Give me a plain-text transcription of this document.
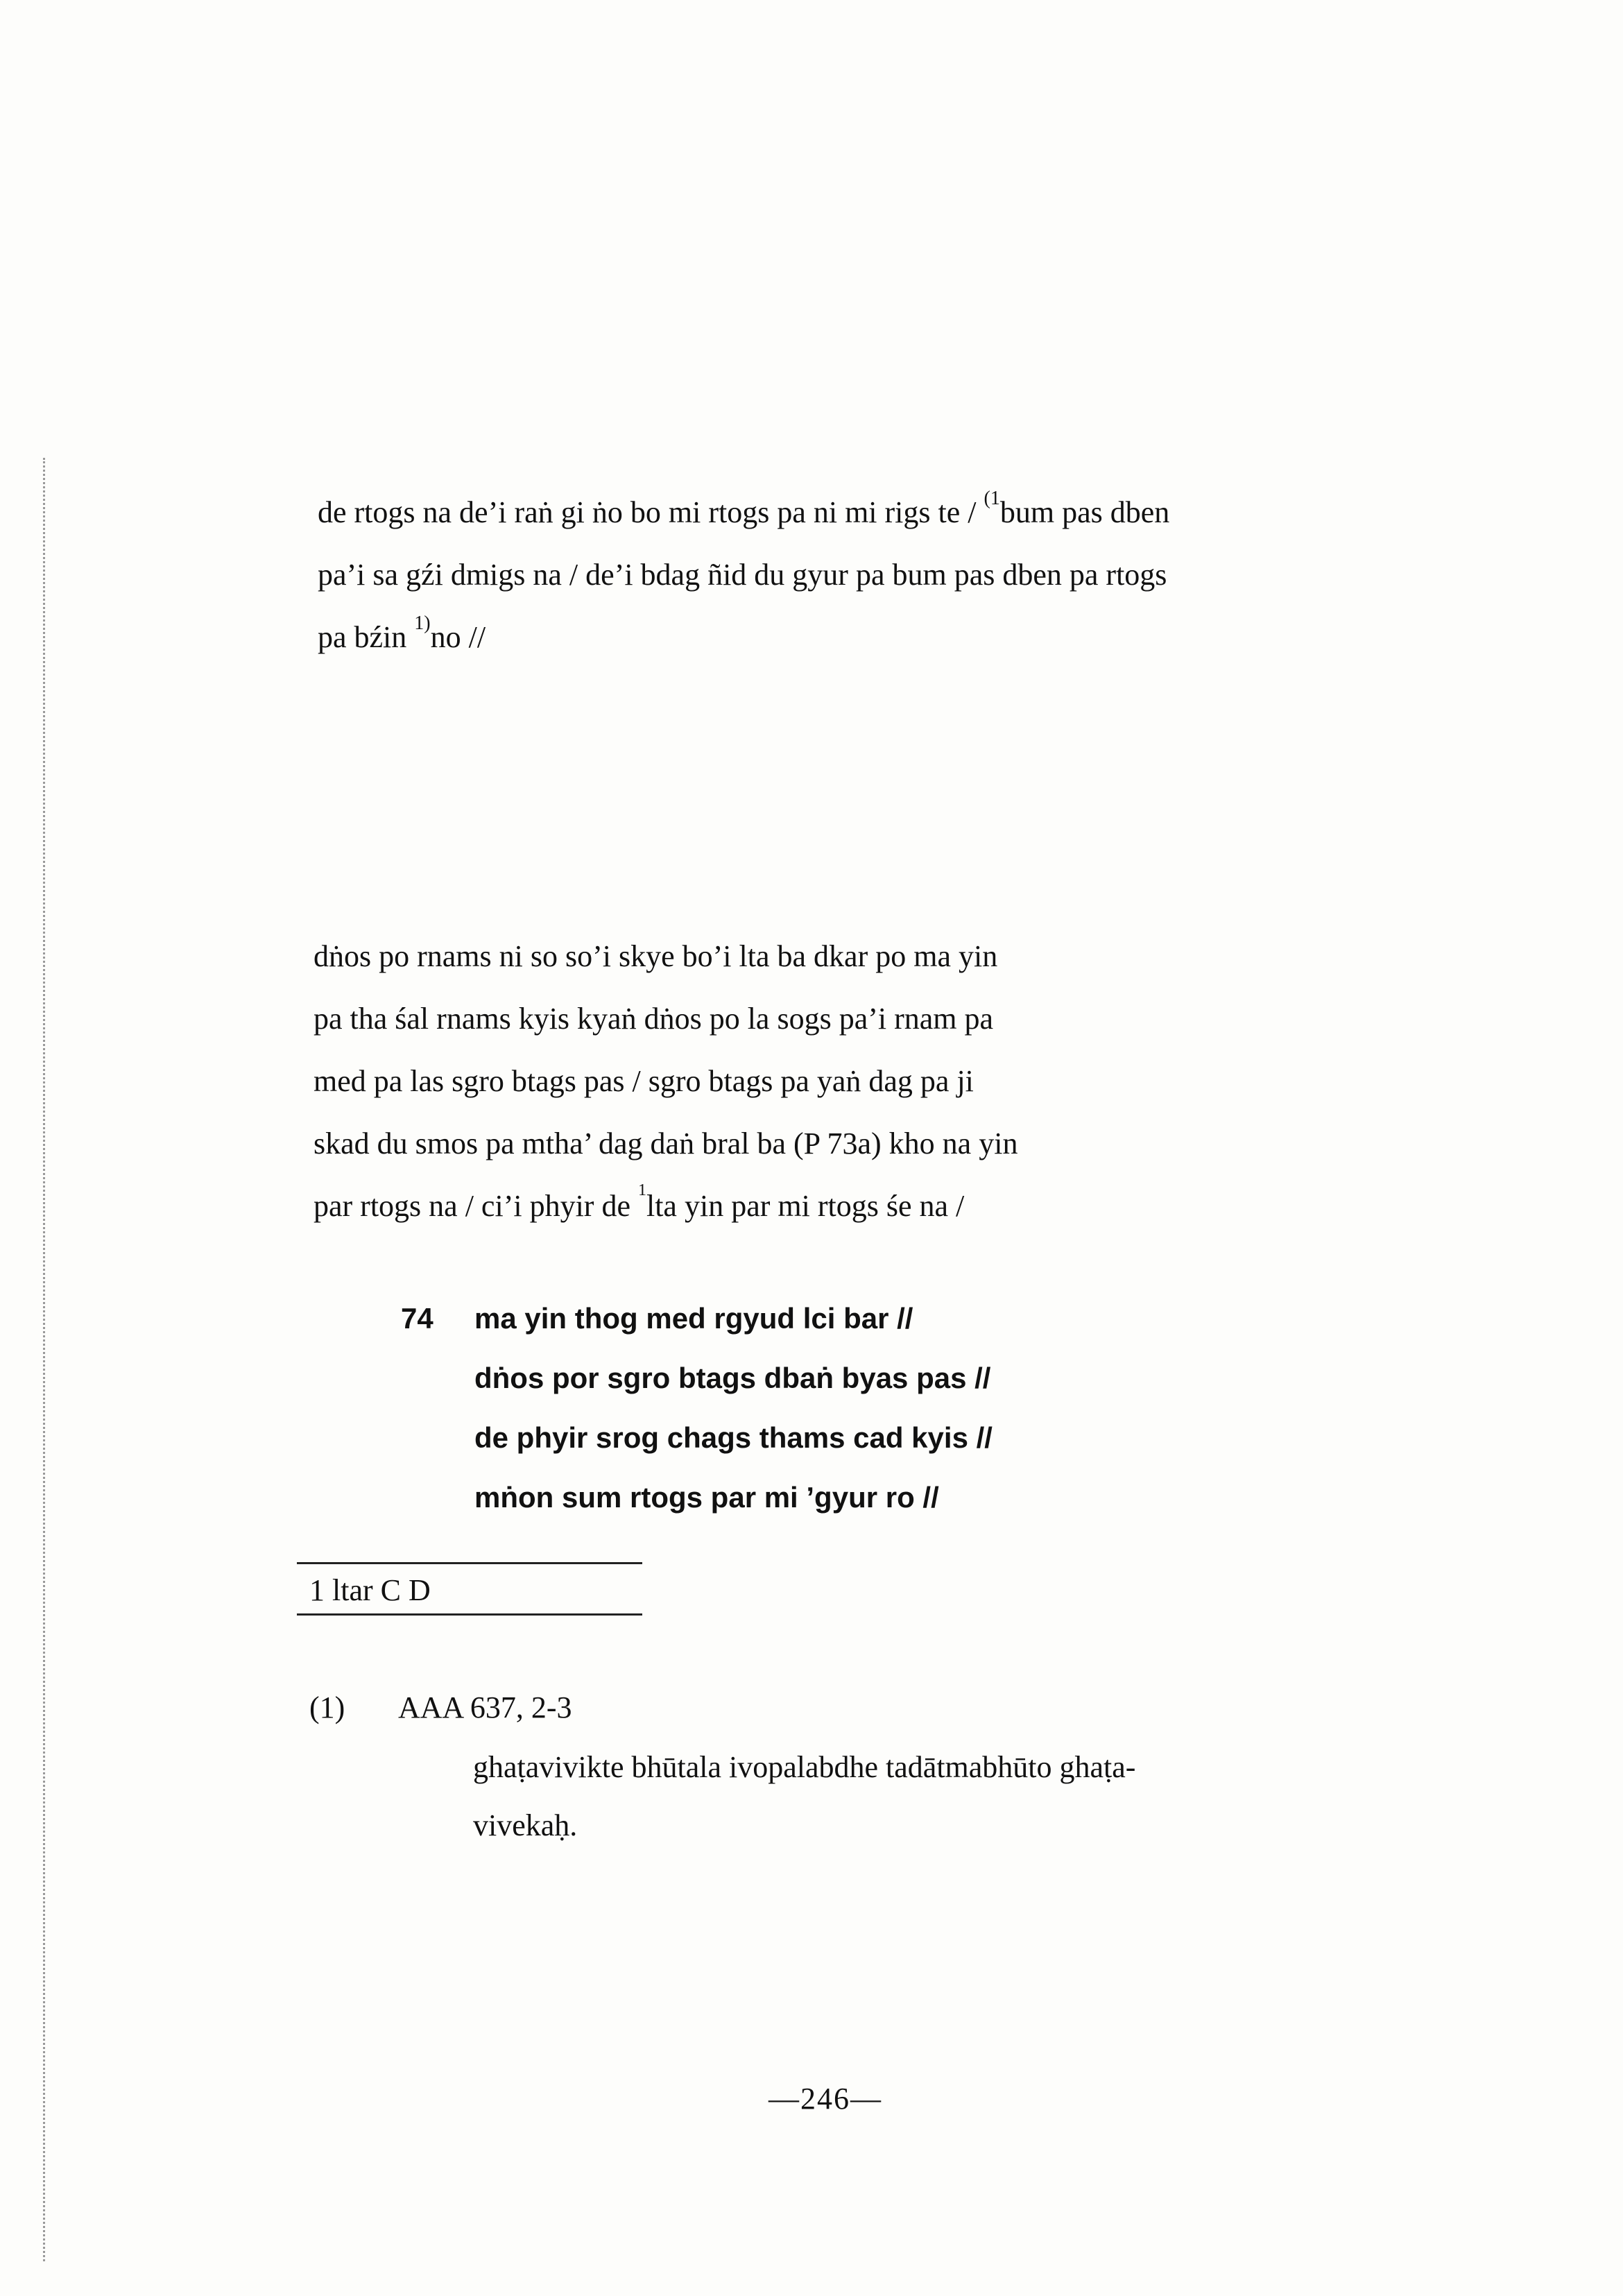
de rtogs na de’i raṅ gi ṅo bo mi rtogs pa ni mi rigs te / $^{(1}$bum pas dben
pa’i sa gźi dmigs na / de’i bdag ñid du gyur pa bum pas dben pa rtogs
pa bźin $^{1)}$no //
dṅos po rnams ni so so’i skye bo’i lta ba dkar po ma yin
pa tha śal rnams kyis kyaṅ dṅos po la sogs pa’i rnam pa
med pa las sgro btags pas / sgro btags pa yaṅ dag pa ji
skad du smos pa mtha’ dag daṅ bral ba (P 73a) kho na yin
par rtogs na / ci’i phyir de $^1$lta yin par mi rtogs śe na /
74	ma yin thog med rgyud lci bar //
dṅos por sgro btags dbaṅ byas pas //
de phyir srog chags thams cad kyis //
mṅon sum rtogs par mi ’gyur ro //
1 ltar C D
(1) AAA 637, 2-3
ghaṭavivikte bhūtala ivopalabdhe tadātmabhūto ghaṭa-
vivekaḥ.
—246—
